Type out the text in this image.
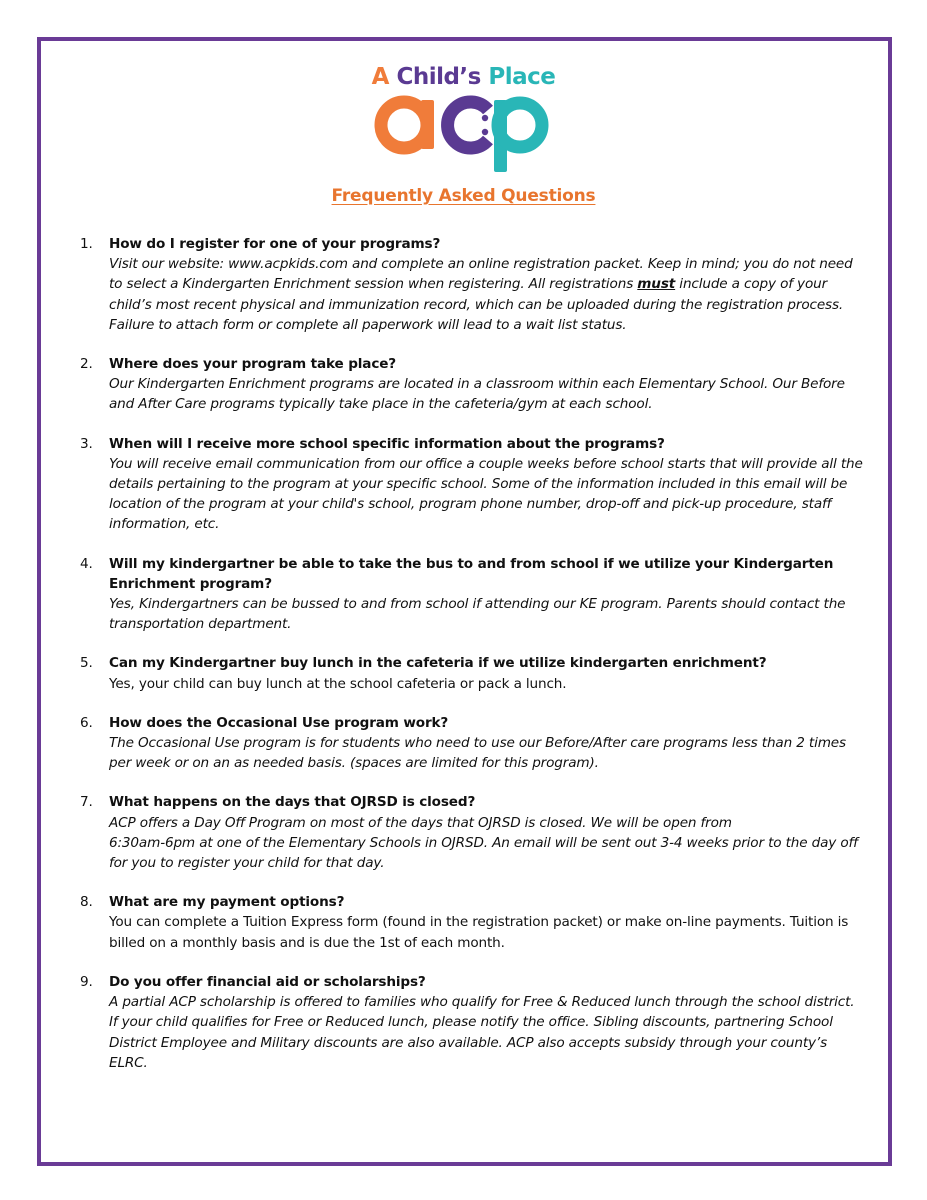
A Child’s Place
Frequently Asked Questions
1. How do I register for one of your programs?
Visit our website: www.acpkids.com and complete an online registration packet. Keep in mind; you do not need to select a Kindergarten Enrichment session when registering. All registrations must include a copy of your child’s most recent physical and immunization record, which can be uploaded during the registration process. Failure to attach form or complete all paperwork will lead to a wait list status.
2. Where does your program take place?
Our Kindergarten Enrichment programs are located in a classroom within each Elementary School. Our Before and After Care programs typically take place in the cafeteria/gym at each school.
3. When will I receive more school specific information about the programs?
You will receive email communication from our office a couple weeks before school starts that will provide all the details pertaining to the program at your specific school. Some of the information included in this email will be location of the program at your child's school, program phone number, drop-off and pick-up procedure, staff information, etc.
4. Will my kindergartner be able to take the bus to and from school if we utilize your Kindergarten Enrichment program?
Yes, Kindergartners can be bussed to and from school if attending our KE program. Parents should contact the transportation department.
5. Can my Kindergartner buy lunch in the cafeteria if we utilize kindergarten enrichment?
Yes, your child can buy lunch at the school cafeteria or pack a lunch.
6. How does the Occasional Use program work?
The Occasional Use program is for students who need to use our Before/After care programs less than 2 times per week or on an as needed basis. (spaces are limited for this program).
7. What happens on the days that OJRSD is closed?
ACP offers a Day Off Program on most of the days that OJRSD is closed. We will be open from
6:30am-6pm at one of the Elementary Schools in OJRSD. An email will be sent out 3-4 weeks prior to the day off for you to register your child for that day.
8. What are my payment options?
You can complete a Tuition Express form (found in the registration packet) or make on-line payments. Tuition is billed on a monthly basis and is due the 1st of each month.
9. Do you offer financial aid or scholarships?
A partial ACP scholarship is offered to families who qualify for Free & Reduced lunch through the school district. If your child qualifies for Free or Reduced lunch, please notify the office. Sibling discounts, partnering School District Employee and Military discounts are also available. ACP also accepts subsidy through your county’s ELRC.
